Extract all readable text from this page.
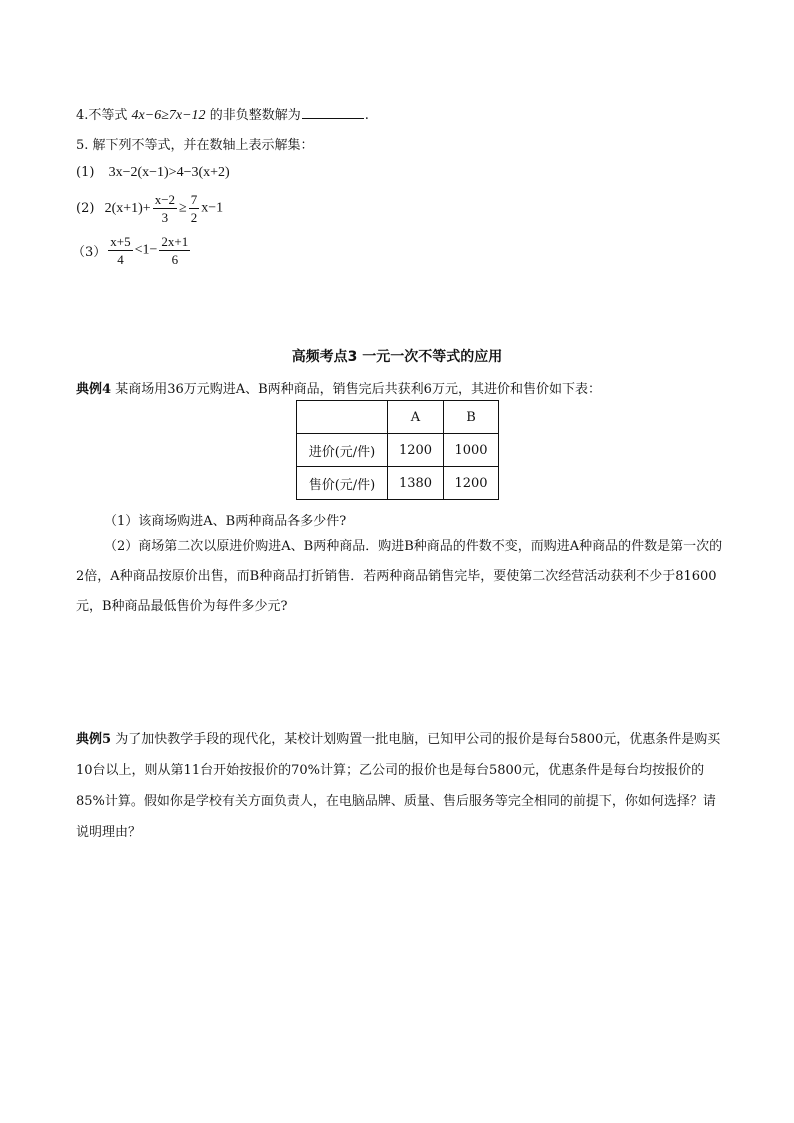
4.不等式 4x−6≥7x−12 的非负整数解为	.
5. 解下列不等式，并在数轴上表示解集：
(1) 3x−2(x−1)>4−3(x+2)
(2) $2(x+1)+ \frac{x-2}{3} \ge \frac{7}{2} x-1$
$(3) \frac{x+5}{4} <1- \frac{2x+1}{6}$
高频考点3 一元一次不等式的应用
典例4 某商场用36万元购进A、B两种商品，销售完后共获利6万元，其进价和售价如下表：
	A	B
进价(元/件)	1200	1000
售价(元/件)	1380	1200
（1）该商场购进A、B两种商品各多少件?
（2）商场第二次以原进价购进A、B两种商品．购进B种商品的件数不变，而购进A种商品的件数是第一次的2倍，A种商品按原价出售，而B种商品打折销售．若两种商品销售完毕，要使第二次经营活动获利不少于81600元，B种商品最低售价为每件多少元?
典例5 为了加快教学手段的现代化，某校计划购置一批电脑，已知甲公司的报价是每台5800元，优惠条件是购买10台以上，则从第11台开始按报价的70%计算；乙公司的报价也是每台5800元，优惠条件是每台均按报价的85%计算。假如你是学校有关方面负责人，在电脑品牌、质量、售后服务等完全相同的前提下，你如何选择？请说明理由？
